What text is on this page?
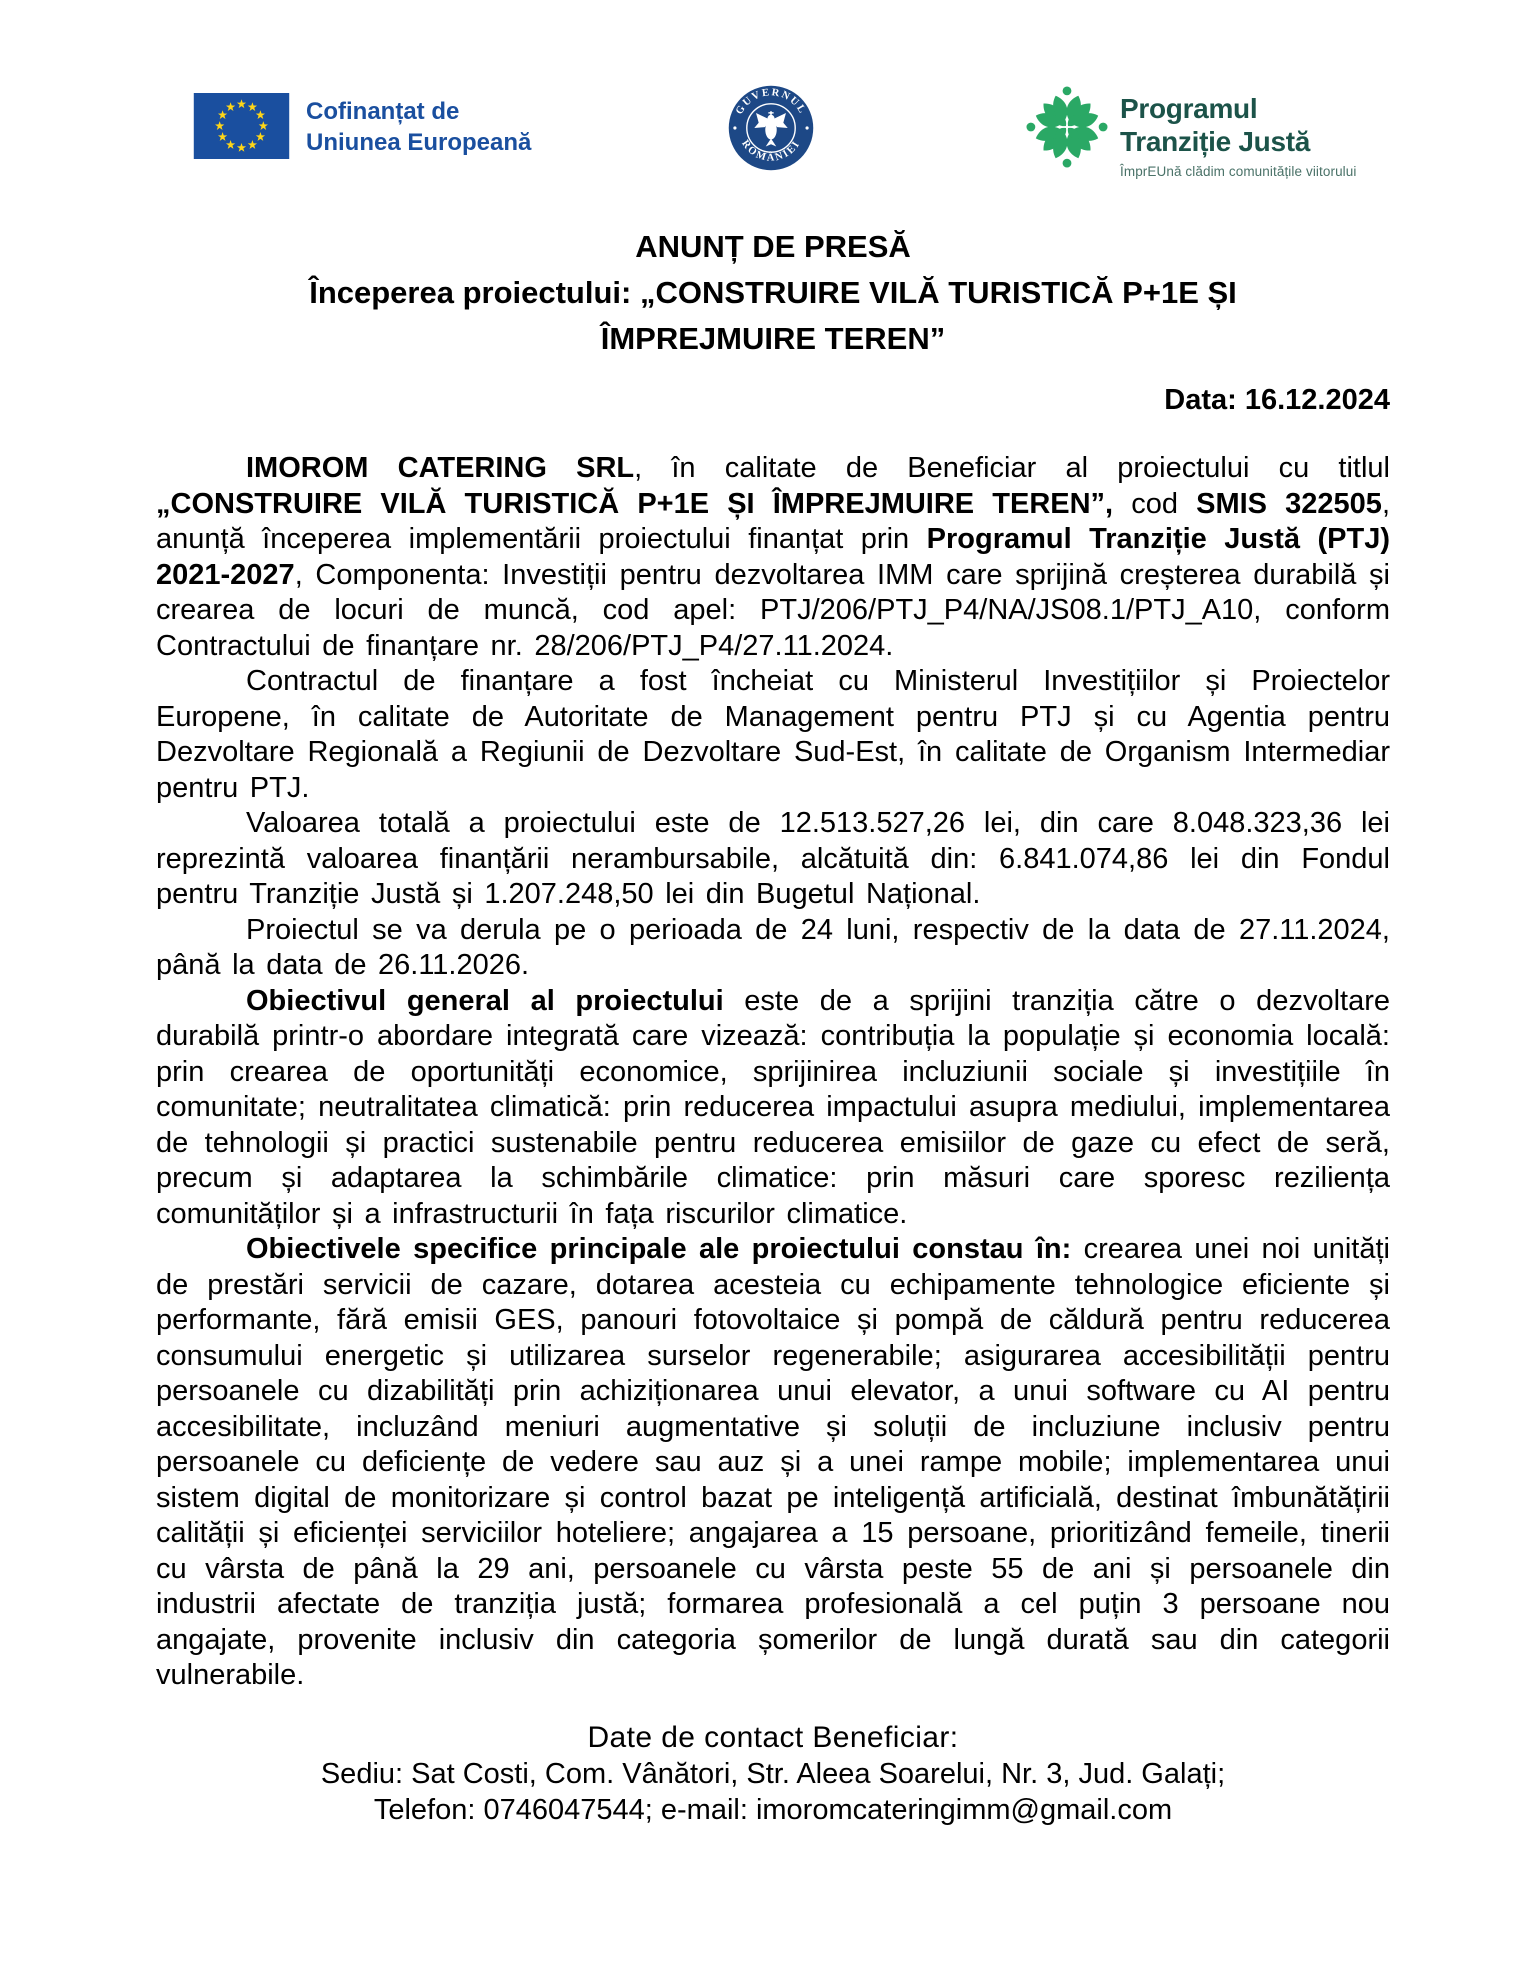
Cofinanțat de
Uniunea Europeană
GUVERNUL
ROMÂNIEI
Programul
Tranziție Justă
ÎmprEUnă clădim comunitățile viitorului
ANUNȚ DE PRESĂ
Începerea proiectului: „CONSTRUIRE VILĂ TURISTICĂ P+1E ȘI
ÎMPREJMUIRE TEREN”
Data: 16.12.2024

IMOROM CATERING SRL, în calitate de Beneficiar al proiectului cu titlul „CONSTRUIRE VILĂ TURISTICĂ P+1E ȘI ÎMPREJMUIRE TEREN”, cod SMIS 322505, anunță începerea implementării proiectului finanțat prin Programul Tranziție Justă (PTJ) 2021-2027, Componenta: Investiții pentru dezvoltarea IMM care sprijină creșterea durabilă și crearea de locuri de muncă, cod apel: PTJ/206/PTJ_P4/NA/JS08.1/PTJ_A10, conform Contractului de finanțare nr. 28/206/PTJ_P4/27.11.2024.

Contractul de finanțare a fost încheiat cu Ministerul Investițiilor și Proiectelor Europene, în calitate de Autoritate de Management pentru PTJ și cu Agentia pentru Dezvoltare Regională a Regiunii de Dezvoltare Sud-Est, în calitate de Organism Intermediar pentru PTJ.

Valoarea totală a proiectului este de 12.513.527,26 lei, din care 8.048.323,36 lei reprezintă valoarea finanțării nerambursabile, alcătuită din: 6.841.074,86 lei din Fondul pentru Tranziție Justă și 1.207.248,50 lei din Bugetul Național.

Proiectul se va derula pe o perioada de 24 luni, respectiv de la data de 27.11.2024, până la data de 26.11.2026.

Obiectivul general al proiectului este de a sprijini tranziția către o dezvoltare durabilă printr-o abordare integrată care vizează: contribuția la populație și economia locală: prin crearea de oportunități economice, sprijinirea incluziunii sociale și investițiile în comunitate; neutralitatea climatică: prin reducerea impactului asupra mediului, implementarea de tehnologii și practici sustenabile pentru reducerea emisiilor de gaze cu efect de seră, precum și adaptarea la schimbările climatice: prin măsuri care sporesc reziliența comunităților și a infrastructurii în fața riscurilor climatice.

Obiectivele specifice principale ale proiectului constau în: crearea unei noi unități de prestări servicii de cazare, dotarea acesteia cu echipamente tehnologice eficiente și performante, fără emisii GES, panouri fotovoltaice și pompă de căldură pentru reducerea consumului energetic și utilizarea surselor regenerabile; asigurarea accesibilității pentru persoanele cu dizabilități prin achiziționarea unui elevator, a unui software cu AI pentru accesibilitate, incluzând meniuri augmentative și soluții de incluziune inclusiv pentru persoanele cu deficiențe de vedere sau auz și a unei rampe mobile; implementarea unui sistem digital de monitorizare și control bazat pe inteligență artificială, destinat îmbunătățirii calității și eficienței serviciilor hoteliere; angajarea a 15 persoane, prioritizând femeile, tinerii cu vârsta de până la 29 ani, persoanele cu vârsta peste 55 de ani și persoanele din industrii afectate de tranziția justă; formarea profesională a cel puțin 3 persoane nou angajate, provenite inclusiv din categoria șomerilor de lungă durată sau din categorii vulnerabile.

Date de contact Beneficiar:
Sediu: Sat Costi, Com. Vânători, Str. Aleea Soarelui, Nr. 3, Jud. Galați;
Telefon: 0746047544; e-mail: imoromcateringimm@gmail.com
